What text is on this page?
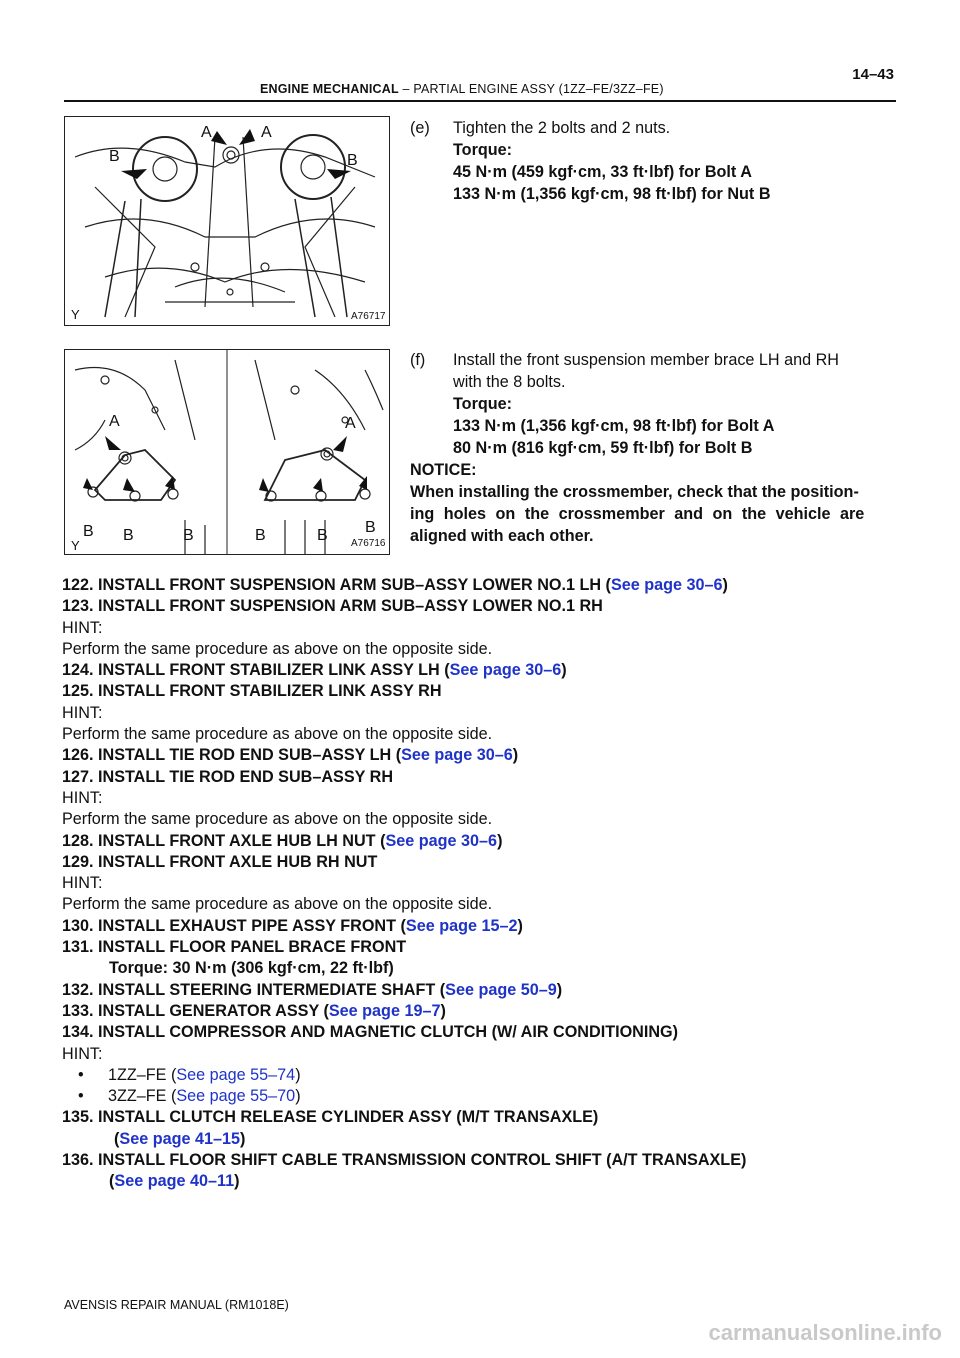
14–43
ENGINE MECHANICAL – PARTIAL ENGINE ASSY (1ZZ–FE/3ZZ–FE)
A	A
B	B
Y	A76717
A	A
B B	B	B	B B
Y	A76716
(e) Tighten the 2 bolts and 2 nuts.
Torque:
45 N·m (459 kgf·cm, 33 ft·lbf) for Bolt A
133 N·m (1,356 kgf·cm, 98 ft·lbf) for Nut B
(f) Install the front suspension member brace LH and RH
with the 8 bolts.
Torque:
133 N·m (1,356 kgf·cm, 98 ft·lbf) for Bolt A
80 N·m (816 kgf·cm, 59 ft·lbf) for Bolt B
NOTICE:
When installing the crossmember, check that the position-
ing holes on the crossmember and on the vehicle are
aligned with each other.
122. INSTALL FRONT SUSPENSION ARM SUB–ASSY LOWER NO.1 LH (See page 30–6)
123. INSTALL FRONT SUSPENSION ARM SUB–ASSY LOWER NO.1 RH
HINT:
Perform the same procedure as above on the opposite side.
124. INSTALL FRONT STABILIZER LINK ASSY LH (See page 30–6)
125. INSTALL FRONT STABILIZER LINK ASSY RH
HINT:
Perform the same procedure as above on the opposite side.
126. INSTALL TIE ROD END SUB–ASSY LH (See page 30–6)
127. INSTALL TIE ROD END SUB–ASSY RH
HINT:
Perform the same procedure as above on the opposite side.
128. INSTALL FRONT AXLE HUB LH NUT (See page 30–6)
129. INSTALL FRONT AXLE HUB RH NUT
HINT:
Perform the same procedure as above on the opposite side.
130. INSTALL EXHAUST PIPE ASSY FRONT (See page 15–2)
131. INSTALL FLOOR PANEL BRACE FRONT
Torque: 30 N·m (306 kgf·cm, 22 ft·lbf)
132. INSTALL STEERING INTERMEDIATE SHAFT (See page 50–9)
133. INSTALL GENERATOR ASSY (See page 19–7)
134. INSTALL COMPRESSOR AND MAGNETIC CLUTCH (W/ AIR CONDITIONING)
HINT:
• 1ZZ–FE (See page 55–74)
• 3ZZ–FE (See page 55–70)
135. INSTALL CLUTCH RELEASE CYLINDER ASSY (M/T TRANSAXLE)
(See page 41–15)
136. INSTALL FLOOR SHIFT CABLE TRANSMISSION CONTROL SHIFT (A/T TRANSAXLE)
(See page 40–11)
AVENSIS REPAIR MANUAL (RM1018E)
carmanualsonline.info
